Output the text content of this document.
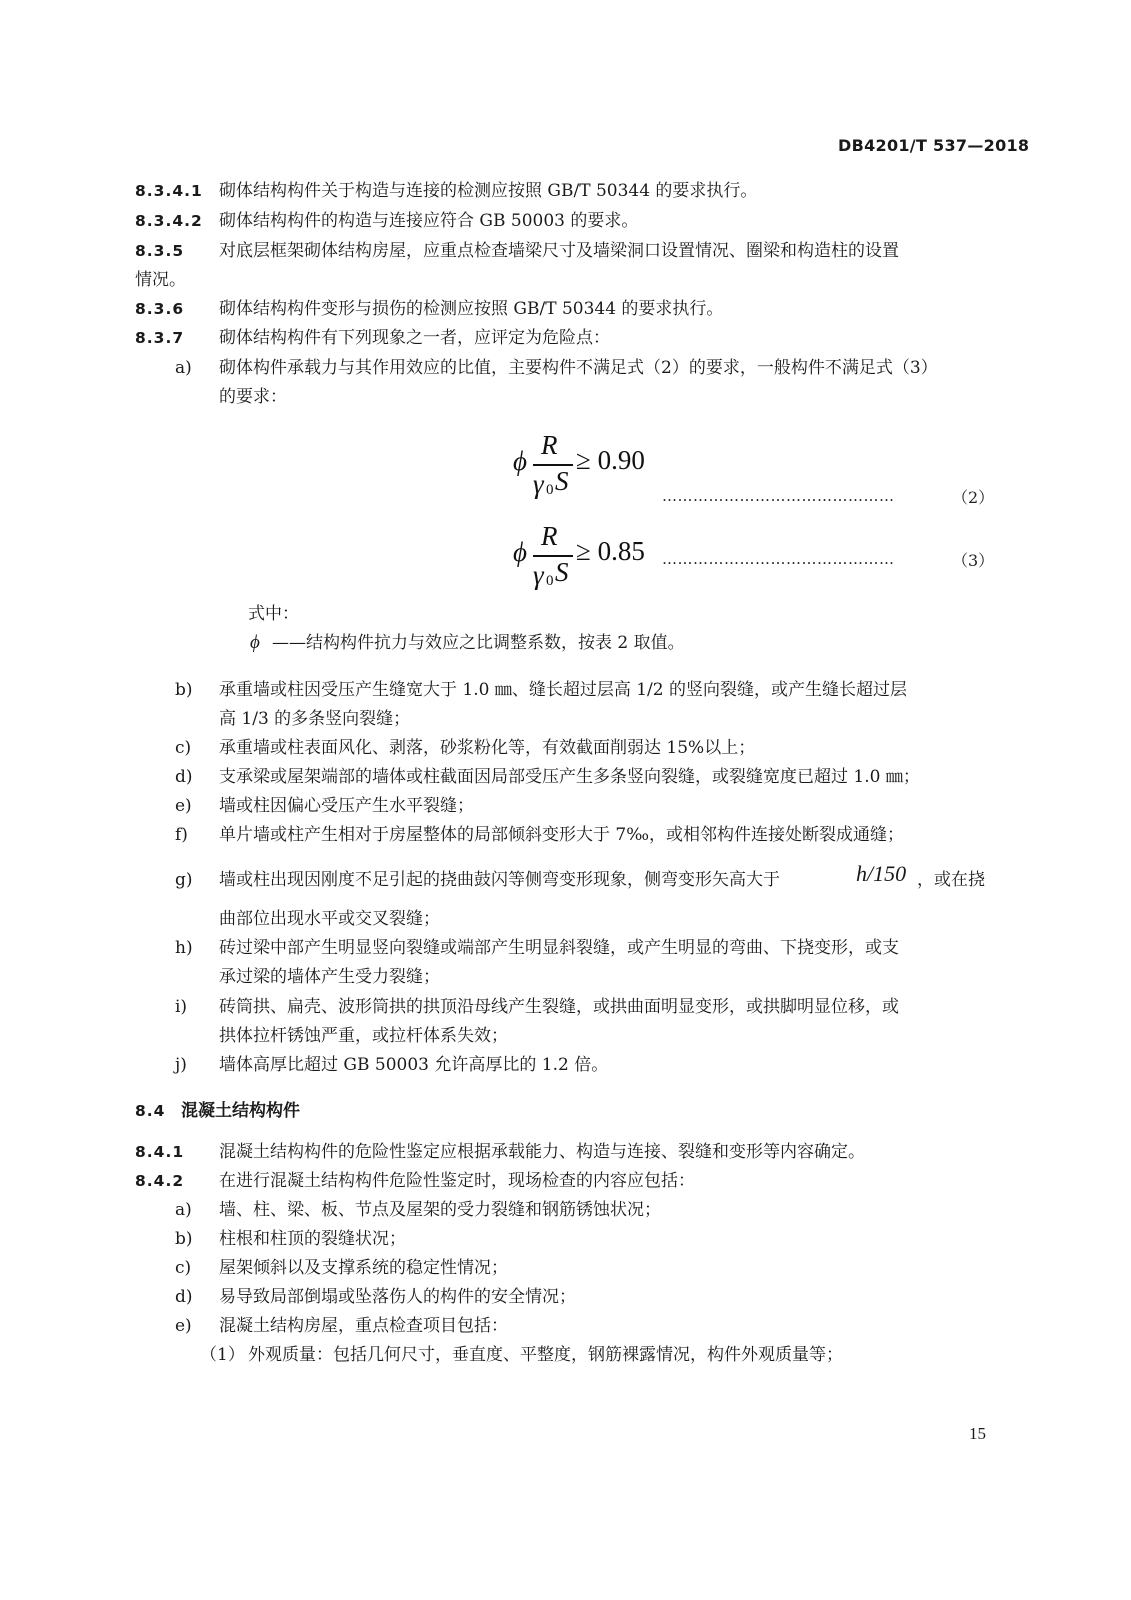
DB4201/T 537—2018
8.3.4.1 砌体结构构件关于构造与连接的检测应按照 GB/T 50344 的要求执行。
8.3.4.2 砌体结构构件的构造与连接应符合 GB 50003 的要求。
8.3.5 对底层框架砌体结构房屋，应重点检查墙梁尺寸及墙梁洞口设置情况、圈梁和构造柱的设置
情况。
8.3.6 砌体结构构件变形与损伤的检测应按照 GB/T 50344 的要求执行。
8.3.7 砌体结构构件有下列现象之一者，应评定为危险点：
a) 砌体构件承载力与其作用效应的比值，主要构件不满足式（2）的要求，一般构件不满足式（3）
的要求：
ϕ
R
γ 0 S
≥ 0.90
………………………………………	（2）
ϕ
R
γ 0 S
≥ 0.85 ………………………………………	（3）
式中：
ϕ ——结构构件抗力与效应之比调整系数，按表 2 取值。
b) 承重墙或柱因受压产生缝宽大于 1.0 ㎜、缝长超过层高 1/2 的竖向裂缝，或产生缝长超过层
高 1/3 的多条竖向裂缝；
c) 承重墙或柱表面风化、剥落，砂浆粉化等，有效截面削弱达 15%以上；
d) 支承梁或屋架端部的墙体或柱截面因局部受压产生多条竖向裂缝，或裂缝宽度已超过 1.0 ㎜；
e) 墙或柱因偏心受压产生水平裂缝；
f) 单片墙或柱产生相对于房屋整体的局部倾斜变形大于 7‰，或相邻构件连接处断裂成通缝；
g) 墙或柱出现因刚度不足引起的挠曲鼓闪等侧弯变形现象，侧弯变形矢高大于	h/150 ，或在挠
曲部位出现水平或交叉裂缝；
h) 砖过梁中部产生明显竖向裂缝或端部产生明显斜裂缝，或产生明显的弯曲、下挠变形，或支
承过梁的墙体产生受力裂缝；
i) 砖筒拱、扁壳、波形筒拱的拱顶沿母线产生裂缝，或拱曲面明显变形，或拱脚明显位移，或
拱体拉杆锈蚀严重，或拉杆体系失效；
j) 墙体高厚比超过 GB 50003 允许高厚比的 1.2 倍。
8.4 混凝土结构构件
8.4.1 混凝土结构构件的危险性鉴定应根据承载能力、构造与连接、裂缝和变形等内容确定。
8.4.2 在进行混凝土结构构件危险性鉴定时，现场检查的内容应包括：
a) 墙、柱、梁、板、节点及屋架的受力裂缝和钢筋锈蚀状况；
b) 柱根和柱顶的裂缝状况；
c) 屋架倾斜以及支撑系统的稳定性情况；
d) 易导致局部倒塌或坠落伤人的构件的安全情况；
e) 混凝土结构房屋，重点检查项目包括：
（1） 外观质量：包括几何尺寸，垂直度、平整度，钢筋裸露情况，构件外观质量等；
15
